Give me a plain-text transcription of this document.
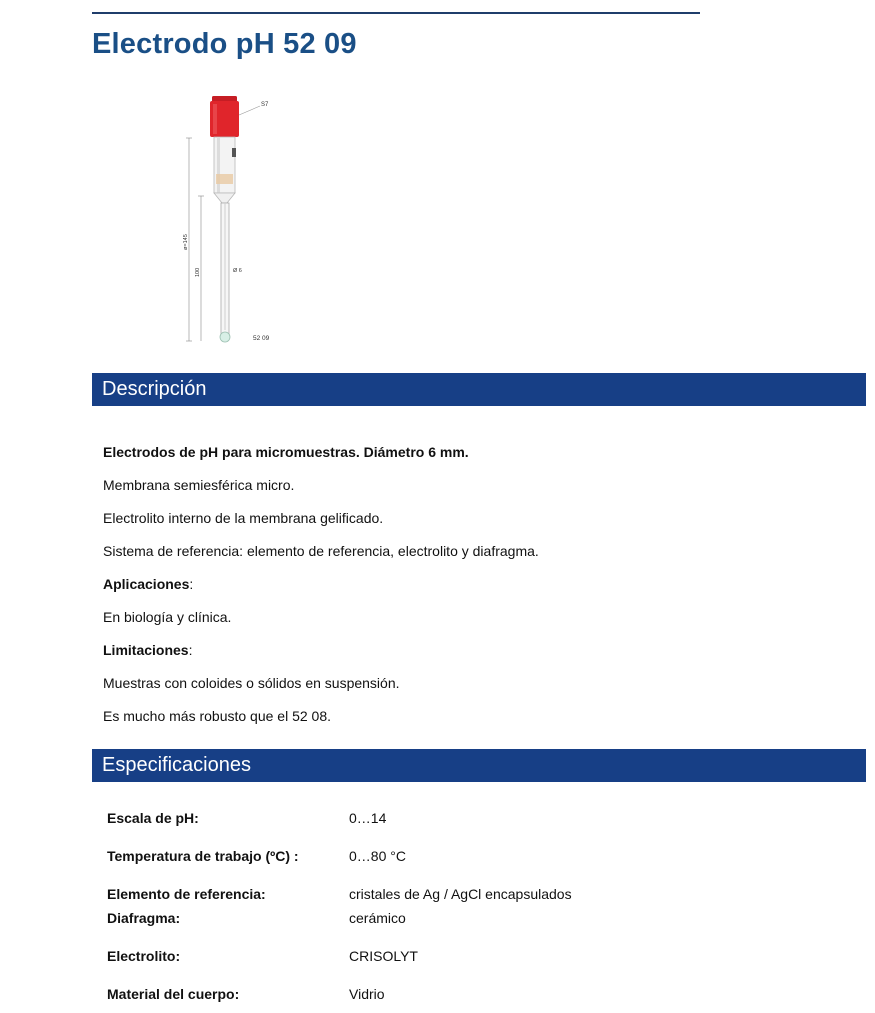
Electrodo pH 52 09
S7
ø=145
100	Ø 6
52 09
Descripción
Electrodos de pH para micromuestras. Diámetro 6 mm.
Membrana semiesférica micro.
Electrolito interno de la membrana gelificado.
Sistema de referencia: elemento de referencia, electrolito y diafragma.
Aplicaciones:
En biología y clínica.
Limitaciones:
Muestras con coloides o sólidos en suspensión.
Es mucho más robusto que el 52 08.
Especificaciones
Escala de pH:	0…14
Temperatura de trabajo (ºC) :	0…80 °C
Elemento de referencia:	cristales de Ag / AgCl encapsulados
Diafragma:	cerámico
Electrolito:	CRISOLYT
Material del cuerpo:	Vidrio
